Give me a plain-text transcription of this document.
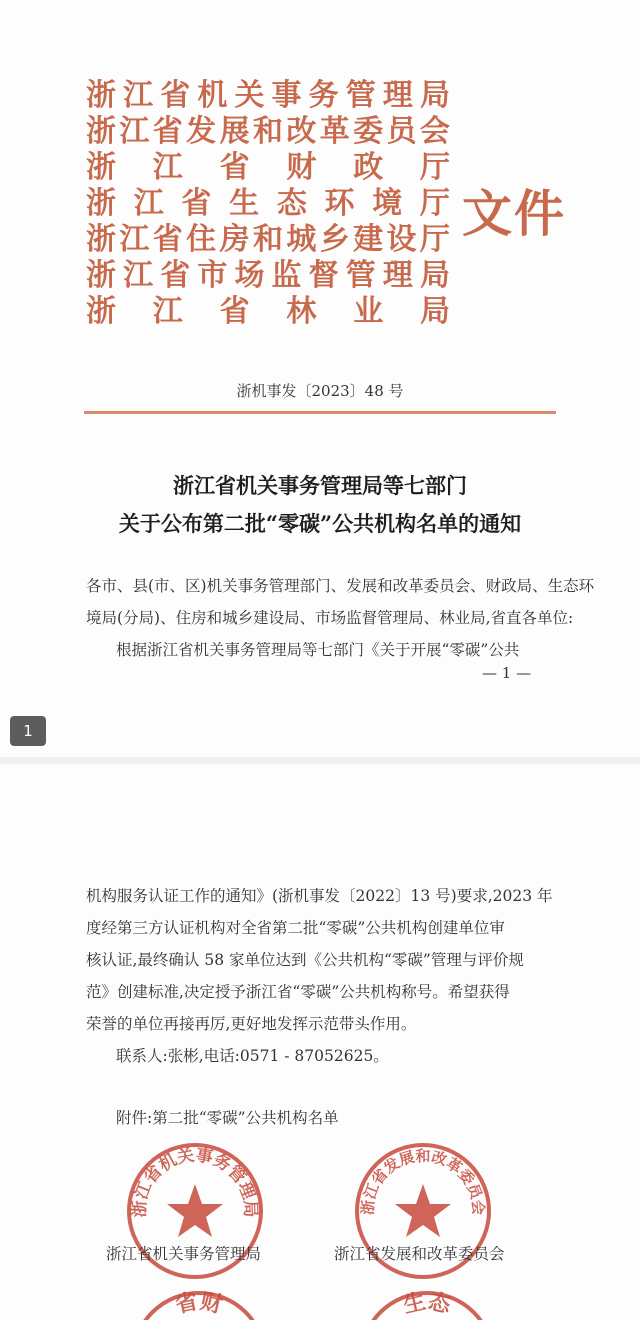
浙 江 省 机 关 事 务 管 理 局
浙 江 省 发 展 和 改 革 委 员 会
浙 江 省 财 政 厅
浙 江 省 生 态 环 境 厅
浙 江 省 住 房 和 城 乡 建 设 厅
浙 江 省 市 场 监 督 管 理 局
浙 江 省 林 业 局
文件
浙机事发〔2023〕48 号
浙江省机关事务管理局等七部门
关于公布第二批“零碳”公共机构名单的通知
各市、县(市、区)机关事务管理部门、发展和改革委员会、财政局、生态环
境局(分局)、住房和城乡建设局、市场监督管理局、林业局,省直各单位:
根据浙江省机关事务管理局等七部门《关于开展“零碳”公共
— 1 —
1
机构服务认证工作的通知》(浙机事发〔2022〕13 号)要求,2023 年
度经第三方认证机构对全省第二批“零碳”公共机构创建单位审
核认证,最终确认 58 家单位达到《公共机构“零碳”管理与评价规
范》创建标准,决定授予浙江省“零碳”公共机构称号。希望获得
荣誉的单位再接再厉,更好地发挥示范带头作用。
联系人:张彬,电话:0571 - 87052625。
附件:第二批“零碳”公共机构名单
浙江省机关事务管理局	浙江省发展和改革委员会
浙江省机关事务管理局	浙江省发展和改革委员会
省财	生态
